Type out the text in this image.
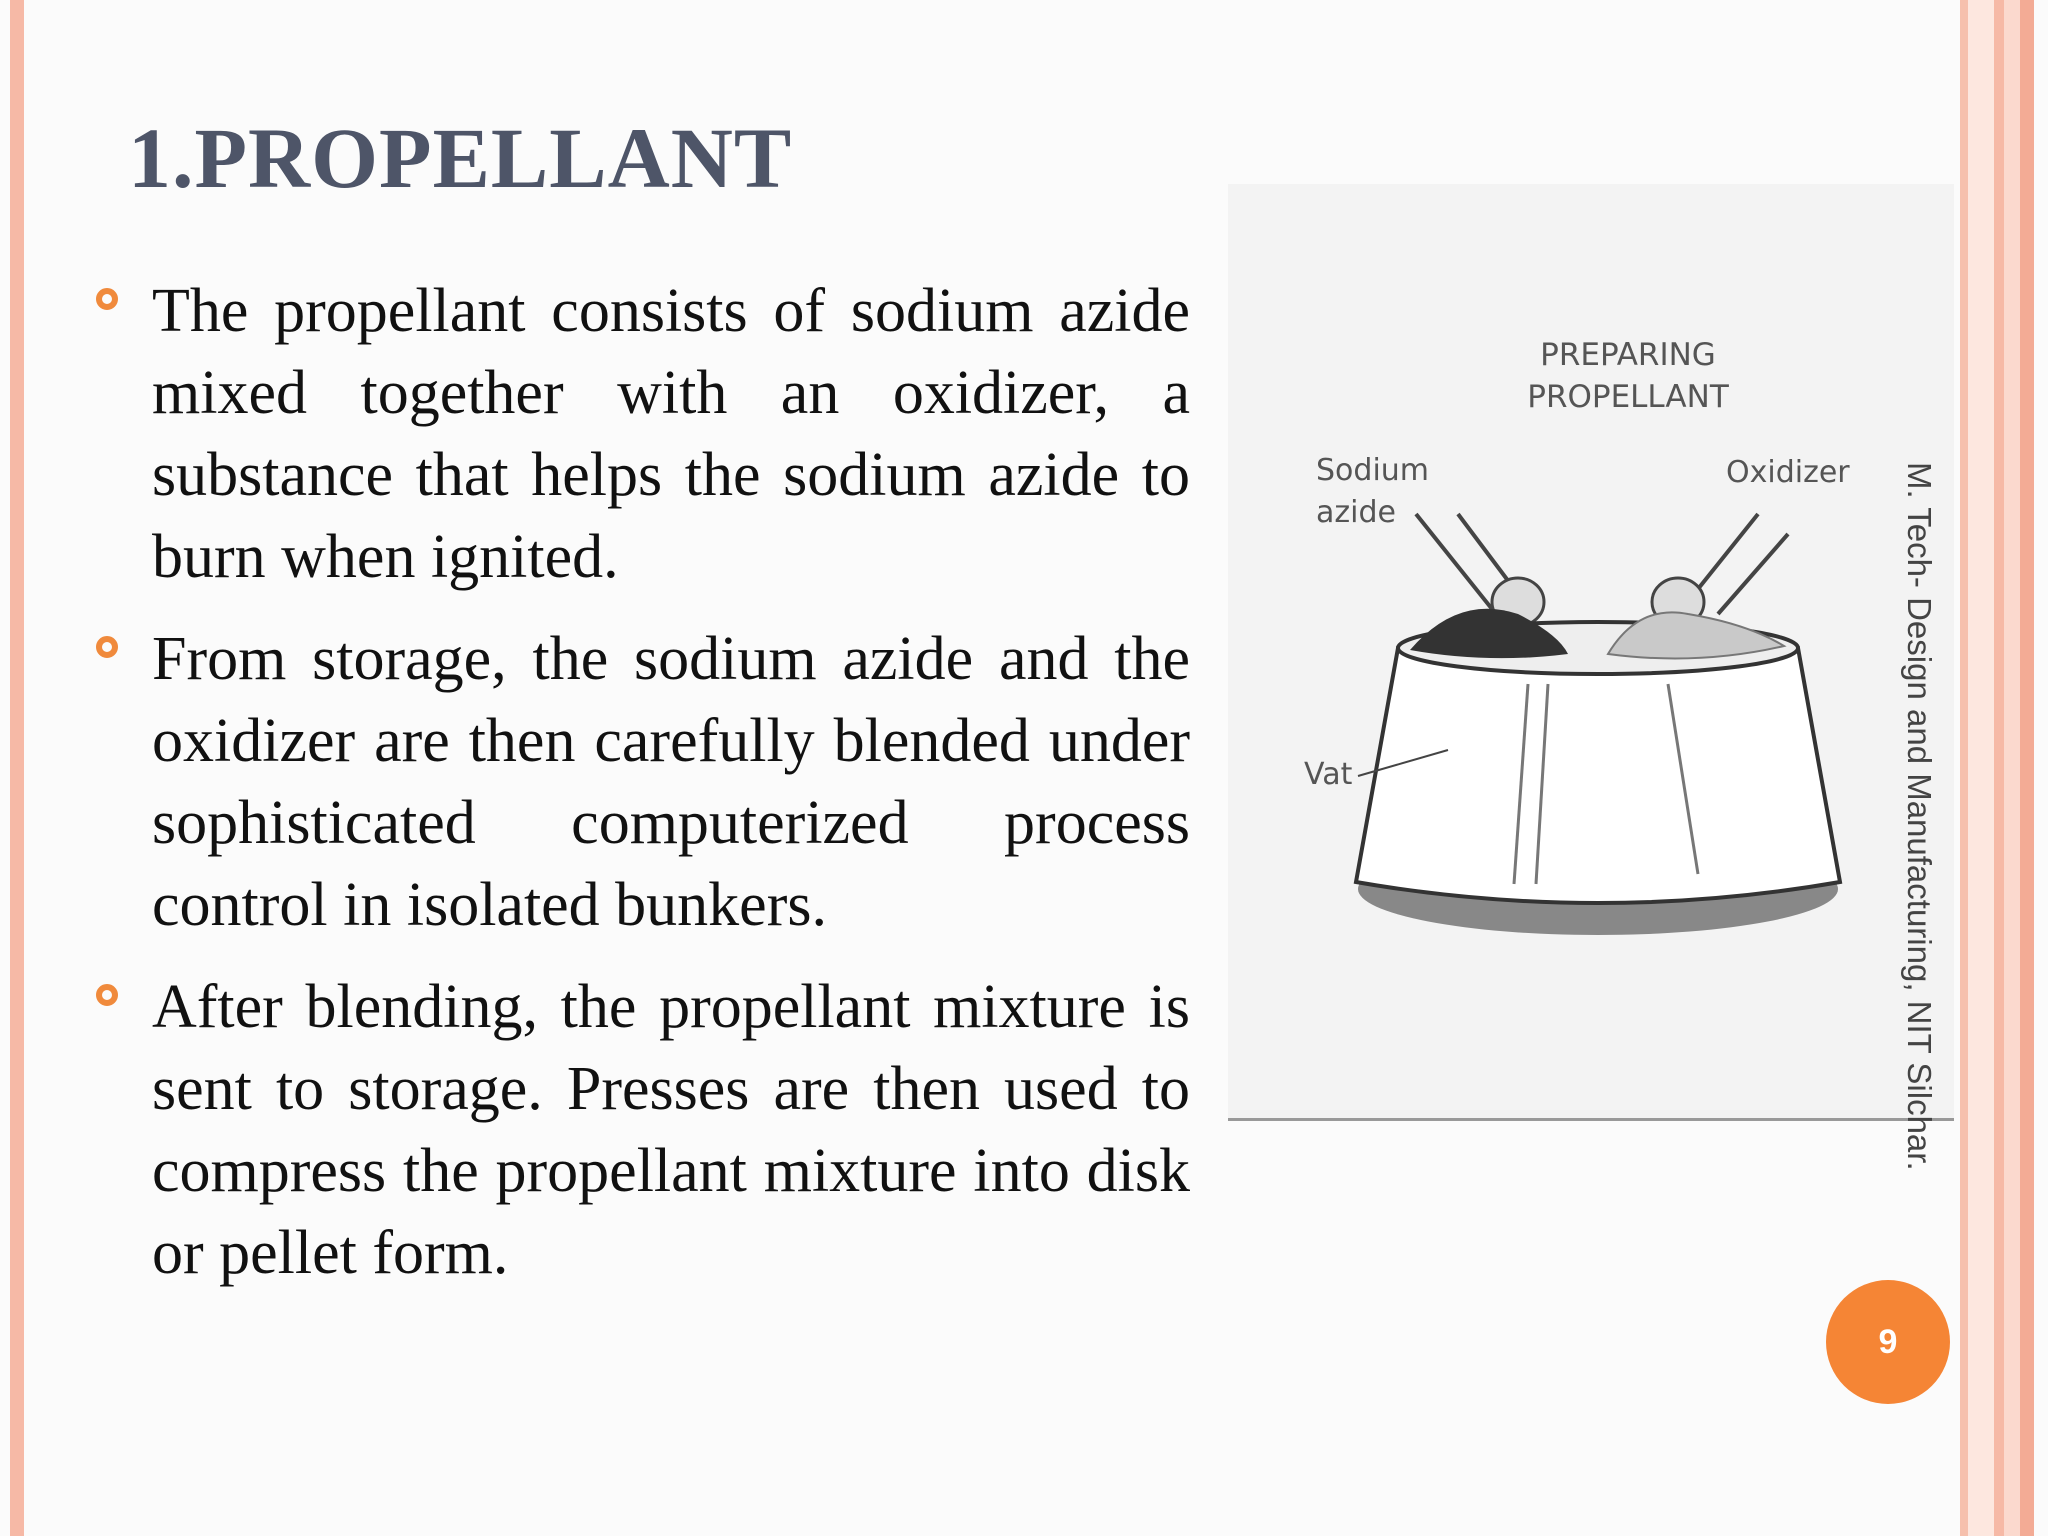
1.PROPELLANT
The propellant consists of sodium azide mixed together with an oxidizer, a substance that helps the sodium azide to burn when ignited.
From storage, the sodium azide and the oxidizer are then carefully blended under sophisticated computerized process control in isolated bunkers.
After blending, the propellant mixture is sent to storage. Presses are then used to compress the propellant mixture into disk or pellet form.
PREPARING PROPELLANT
Sodium azide
Oxidizer
Vat	M. Tech- Design and Manufacturing, NIT Silchar.
9
